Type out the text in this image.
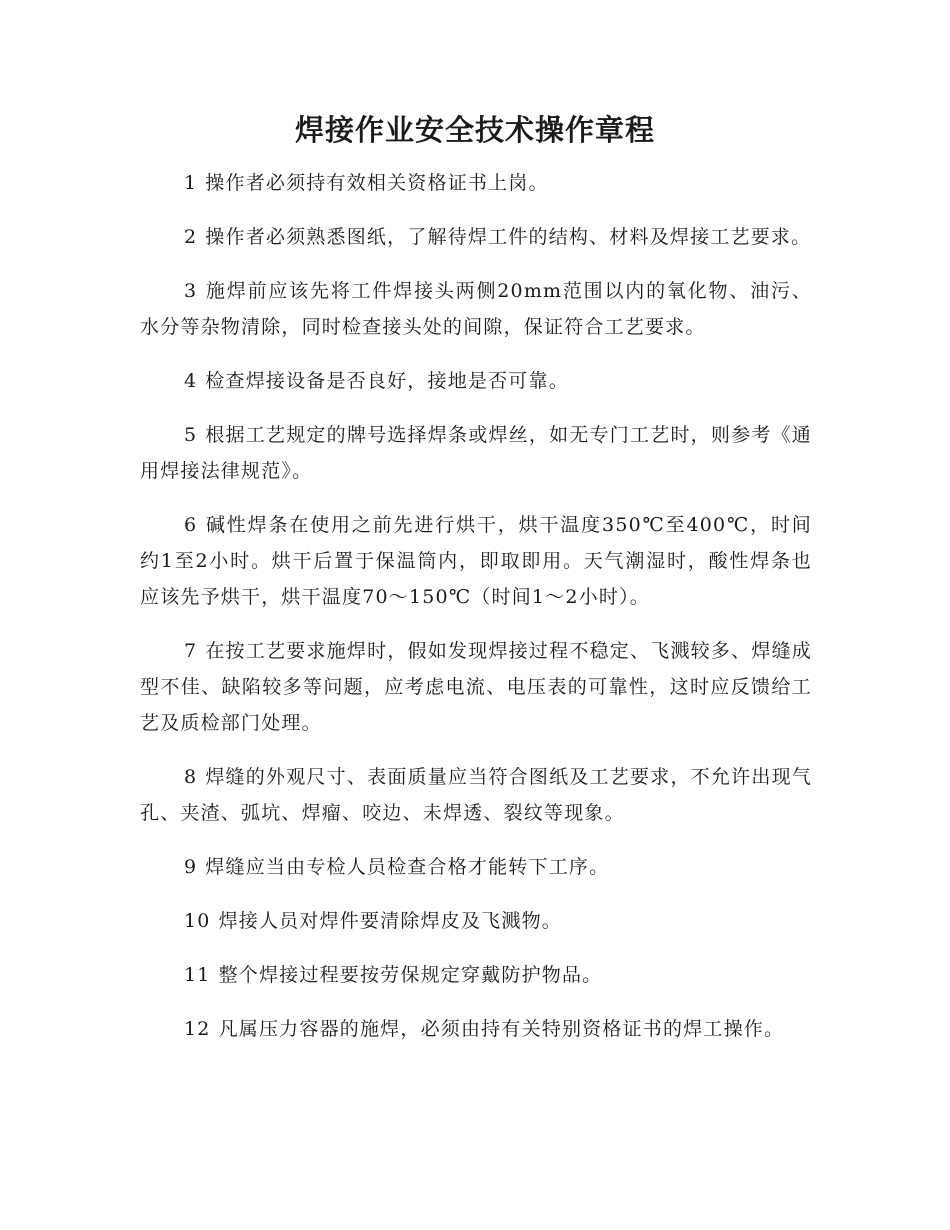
焊接作业安全技术操作章程

1 操作者必须持有效相关资格证书上岗。

2 操作者必须熟悉图纸，了解待焊工件的结构、材料及焊接工艺要求。

3 施焊前应该先将工件焊接头两侧20mm范围以内的氧化物、油污、水分等杂物清除，同时检查接头处的间隙，保证符合工艺要求。

4 检查焊接设备是否良好，接地是否可靠。

5 根据工艺规定的牌号选择焊条或焊丝，如无专门工艺时，则参考《通用焊接法律规范》。

6 碱性焊条在使用之前先进行烘干，烘干温度350℃至400℃，时间约1至2小时。烘干后置于保温筒内，即取即用。天气潮湿时，酸性焊条也应该先予烘干，烘干温度70～150℃（时间1～2小时）。

7 在按工艺要求施焊时，假如发现焊接过程不稳定、飞溅较多、焊缝成型不佳、缺陷较多等问题，应考虑电流、电压表的可靠性，这时应反馈给工艺及质检部门处理。

8 焊缝的外观尺寸、表面质量应当符合图纸及工艺要求，不允许出现气孔、夹渣、弧坑、焊瘤、咬边、未焊透、裂纹等现象。

9 焊缝应当由专检人员检查合格才能转下工序。

10 焊接人员对焊件要清除焊皮及飞溅物。

11 整个焊接过程要按劳保规定穿戴防护物品。

12 凡属压力容器的施焊，必须由持有关特别资格证书的焊工操作。
